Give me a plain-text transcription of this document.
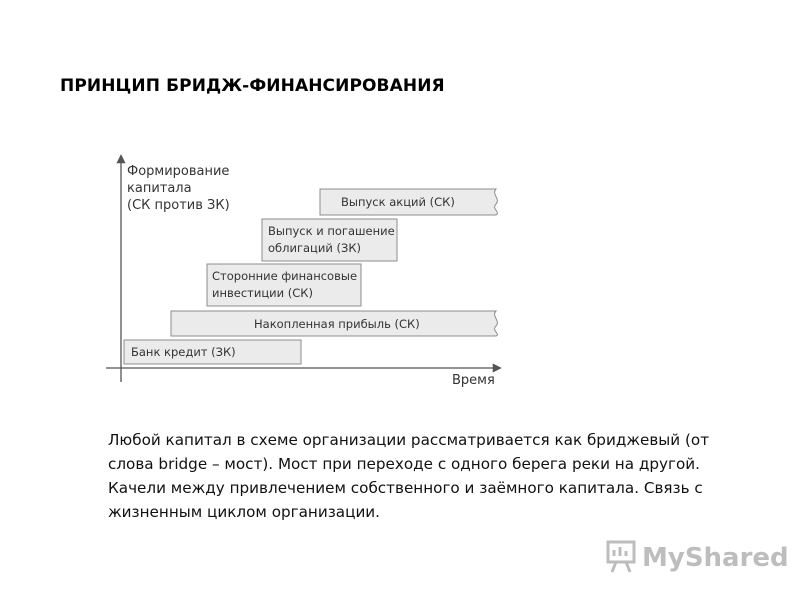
ПРИНЦИП БРИДЖ-ФИНАНСИРОВАНИЯ
Формирование
капитала
(СК против ЗК)
Время
Банк кредит (ЗК)
Накопленная прибыль (СК)
Сторонние финансовые
инвестиции (СК)
Выпуск и погашение
облигаций (ЗК)
Выпуск акций (СК)
Любой капитал в схеме организации рассматривается как бриджевый (от слова bridge – мост). Мост при переходе с одного берега реки на другой. Качели между привлечением собственного и заёмного капитала. Связь с жизненным циклом организации.
MyShared
